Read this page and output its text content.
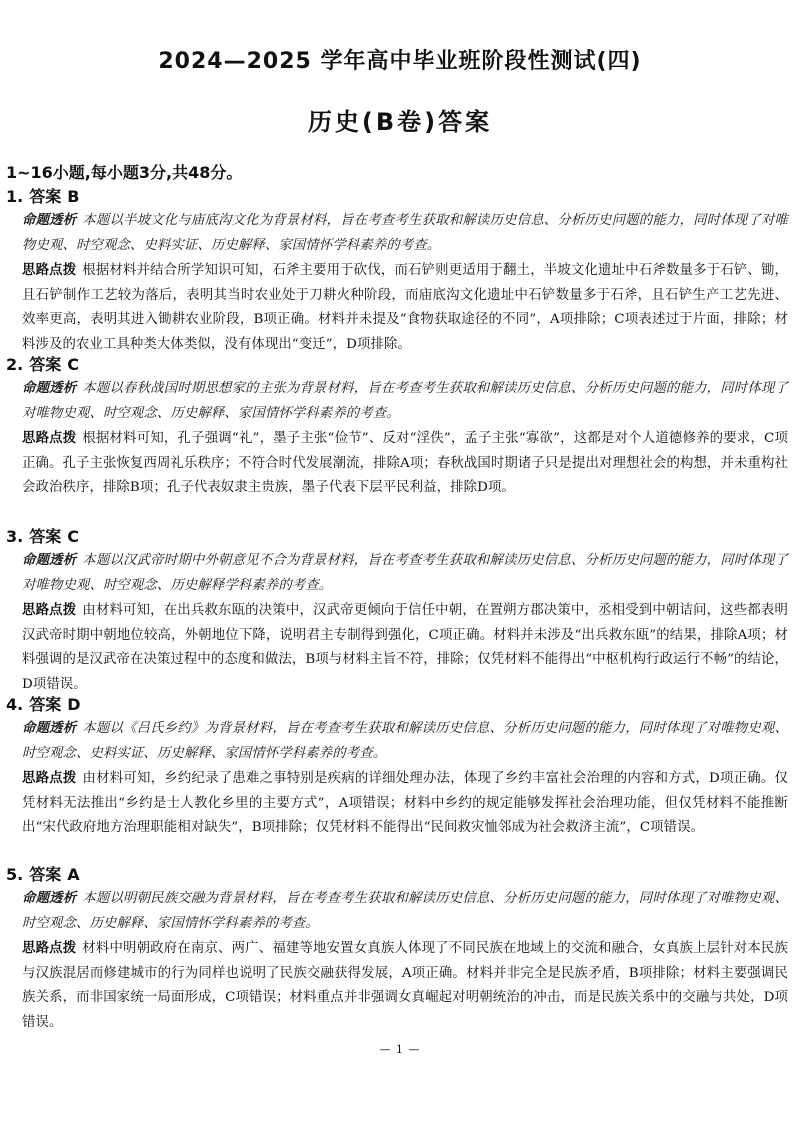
2024—2025 学年高中毕业班阶段性测试(四)
历史(B卷)答案
1~16小题,每小题3分,共48分。
1. 答案 B
命题透析 本题以半坡文化与庙底沟文化为背景材料，旨在考查考生获取和解读历史信息、分析历史问题的能力，同时体现了对唯物史观、时空观念、史料实证、历史解释、家国情怀学科素养的考查。
思路点拨 根据材料并结合所学知识可知，石斧主要用于砍伐，而石铲则更适用于翻土，半坡文化遗址中石斧数量多于石铲、锄，且石铲制作工艺较为落后，表明其当时农业处于刀耕火种阶段，而庙底沟文化遗址中石铲数量多于石斧，且石铲生产工艺先进、效率更高，表明其进入锄耕农业阶段，B项正确。材料并未提及“食物获取途径的不同”，A项排除；C项表述过于片面，排除；材料涉及的农业工具种类大体类似，没有体现出“变迁”，D项排除。
2. 答案 C
命题透析 本题以春秋战国时期思想家的主张为背景材料，旨在考查考生获取和解读历史信息、分析历史问题的能力，同时体现了对唯物史观、时空观念、历史解释、家国情怀学科素养的考查。
思路点拨 根据材料可知，孔子强调“礼”，墨子主张“俭节”、反对“淫佚”，孟子主张“寡欲”，这都是对个人道德修养的要求，C项正确。孔子主张恢复西周礼乐秩序；不符合时代发展潮流，排除A项；春秋战国时期诸子只是提出对理想社会的构想，并未重构社会政治秩序，排除B项；孔子代表奴隶主贵族，墨子代表下层平民利益，排除D项。
3. 答案 C
命题透析 本题以汉武帝时期中外朝意见不合为背景材料，旨在考查考生获取和解读历史信息、分析历史问题的能力，同时体现了对唯物史观、时空观念、历史解释学科素养的考查。
思路点拨 由材料可知，在出兵救东瓯的决策中，汉武帝更倾向于信任中朝，在置朔方郡决策中，丞相受到中朝诘问，这些都表明汉武帝时期中朝地位较高，外朝地位下降，说明君主专制得到强化，C项正确。材料并未涉及“出兵救东瓯”的结果，排除A项；材料强调的是汉武帝在决策过程中的态度和做法，B项与材料主旨不符，排除；仅凭材料不能得出“中枢机构行政运行不畅”的结论，D项错误。
4. 答案 D
命题透析 本题以《吕氏乡约》为背景材料，旨在考查考生获取和解读历史信息、分析历史问题的能力，同时体现了对唯物史观、时空观念、史料实证、历史解释、家国情怀学科素养的考查。
思路点拨 由材料可知，乡约纪录了患难之事特别是疾病的详细处理办法，体现了乡约丰富社会治理的内容和方式，D项正确。仅凭材料无法推出“乡约是士人教化乡里的主要方式”，A项错误；材料中乡约的规定能够发挥社会治理功能，但仅凭材料不能推断出“宋代政府地方治理职能相对缺失”，B项排除；仅凭材料不能得出“民间救灾恤邻成为社会救济主流”，C项错误。
5. 答案 A
命题透析 本题以明朝民族交融为背景材料，旨在考查考生获取和解读历史信息、分析历史问题的能力，同时体现了对唯物史观、时空观念、历史解释、家国情怀学科素养的考查。
思路点拨 材料中明朝政府在南京、两广、福建等地安置女真族人体现了不同民族在地域上的交流和融合，女真族上层针对本民族与汉族混居而修建城市的行为同样也说明了民族交融获得发展，A项正确。材料并非完全是民族矛盾，B项排除；材料主要强调民族关系，而非国家统一局面形成，C项错误；材料重点并非强调女真崛起对明朝统治的冲击，而是民族关系中的交融与共处，D项错误。
— 1 —
